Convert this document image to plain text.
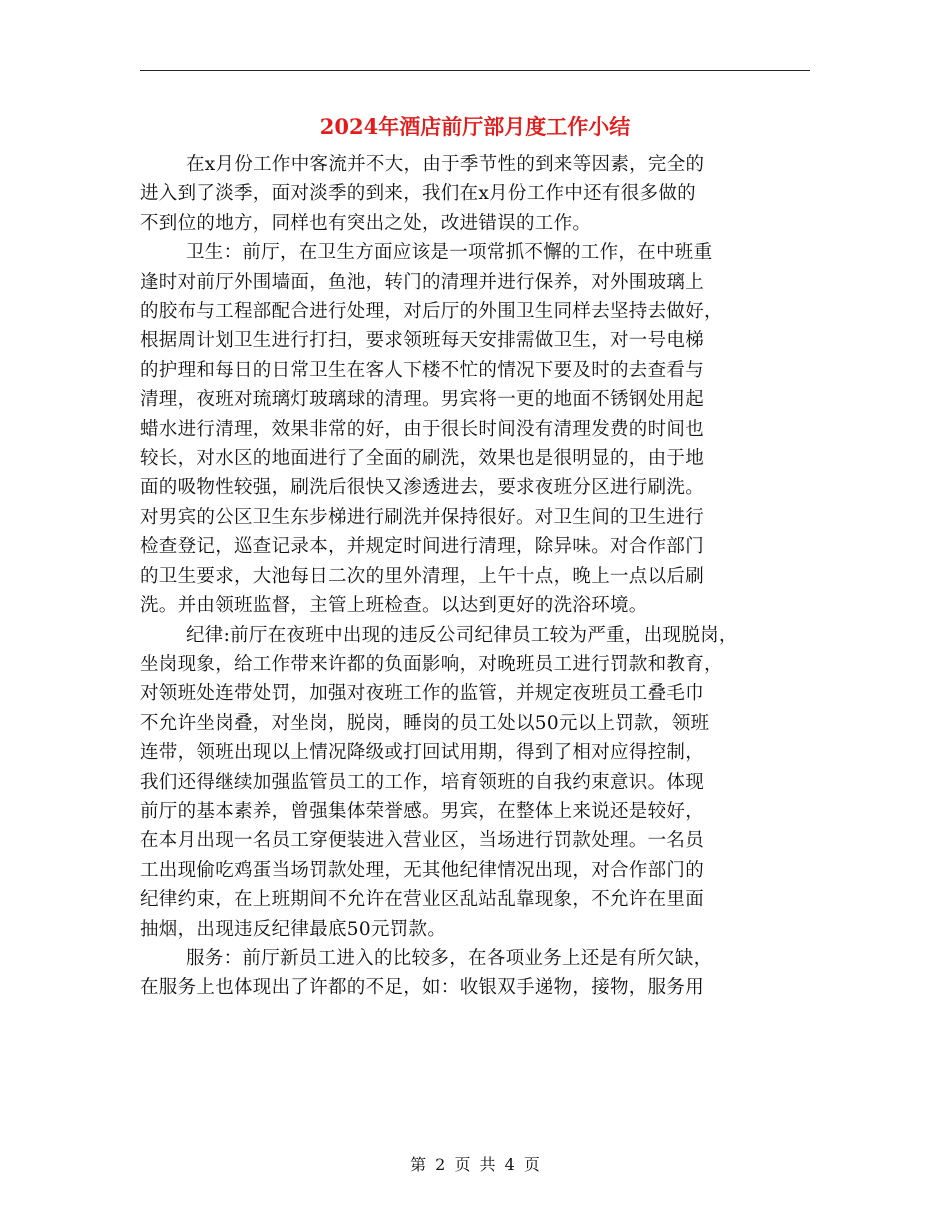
2024年酒店前厅部月度工作小结
在x月份工作中客流并不大，由于季节性的到来等因素，完全的
进入到了淡季，面对淡季的到来，我们在x月份工作中还有很多做的
不到位的地方，同样也有突出之处，改进错误的工作。
卫生：前厅，在卫生方面应该是一项常抓不懈的工作，在中班重
逢时对前厅外围墙面，鱼池，转门的清理并进行保养，对外围玻璃上
的胶布与工程部配合进行处理，对后厅的外围卫生同样去坚持去做好，
根据周计划卫生进行打扫，要求领班每天安排需做卫生，对一号电梯
的护理和每日的日常卫生在客人下楼不忙的情况下要及时的去查看与
清理，夜班对琉璃灯玻璃球的清理。男宾将一更的地面不锈钢处用起
蜡水进行清理，效果非常的好，由于很长时间没有清理发费的时间也
较长，对水区的地面进行了全面的刷洗，效果也是很明显的，由于地
面的吸物性较强，刷洗后很快又渗透进去，要求夜班分区进行刷洗。
对男宾的公区卫生东步梯进行刷洗并保持很好。对卫生间的卫生进行
检查登记，巡查记录本，并规定时间进行清理，除异味。对合作部门
的卫生要求，大池每日二次的里外清理，上午十点，晚上一点以后刷
洗。并由领班监督，主管上班检查。以达到更好的洗浴环境。
纪律:前厅在夜班中出现的违反公司纪律员工较为严重，出现脱岗，
坐岗现象，给工作带来许都的负面影响，对晚班员工进行罚款和教育，
对领班处连带处罚，加强对夜班工作的监管，并规定夜班员工叠毛巾
不允许坐岗叠，对坐岗，脱岗，睡岗的员工处以50元以上罚款，领班
连带，领班出现以上情况降级或打回试用期，得到了相对应得控制，
我们还得继续加强监管员工的工作，培育领班的自我约束意识。体现
前厅的基本素养，曾强集体荣誉感。男宾，在整体上来说还是较好，
在本月出现一名员工穿便装进入营业区，当场进行罚款处理。一名员
工出现偷吃鸡蛋当场罚款处理，无其他纪律情况出现，对合作部门的
纪律约束，在上班期间不允许在营业区乱站乱靠现象，不允许在里面
抽烟，出现违反纪律最底50元罚款。
服务：前厅新员工进入的比较多，在各项业务上还是有所欠缺，
在服务上也体现出了许都的不足，如：收银双手递物，接物，服务用
第 2 页 共 4 页
